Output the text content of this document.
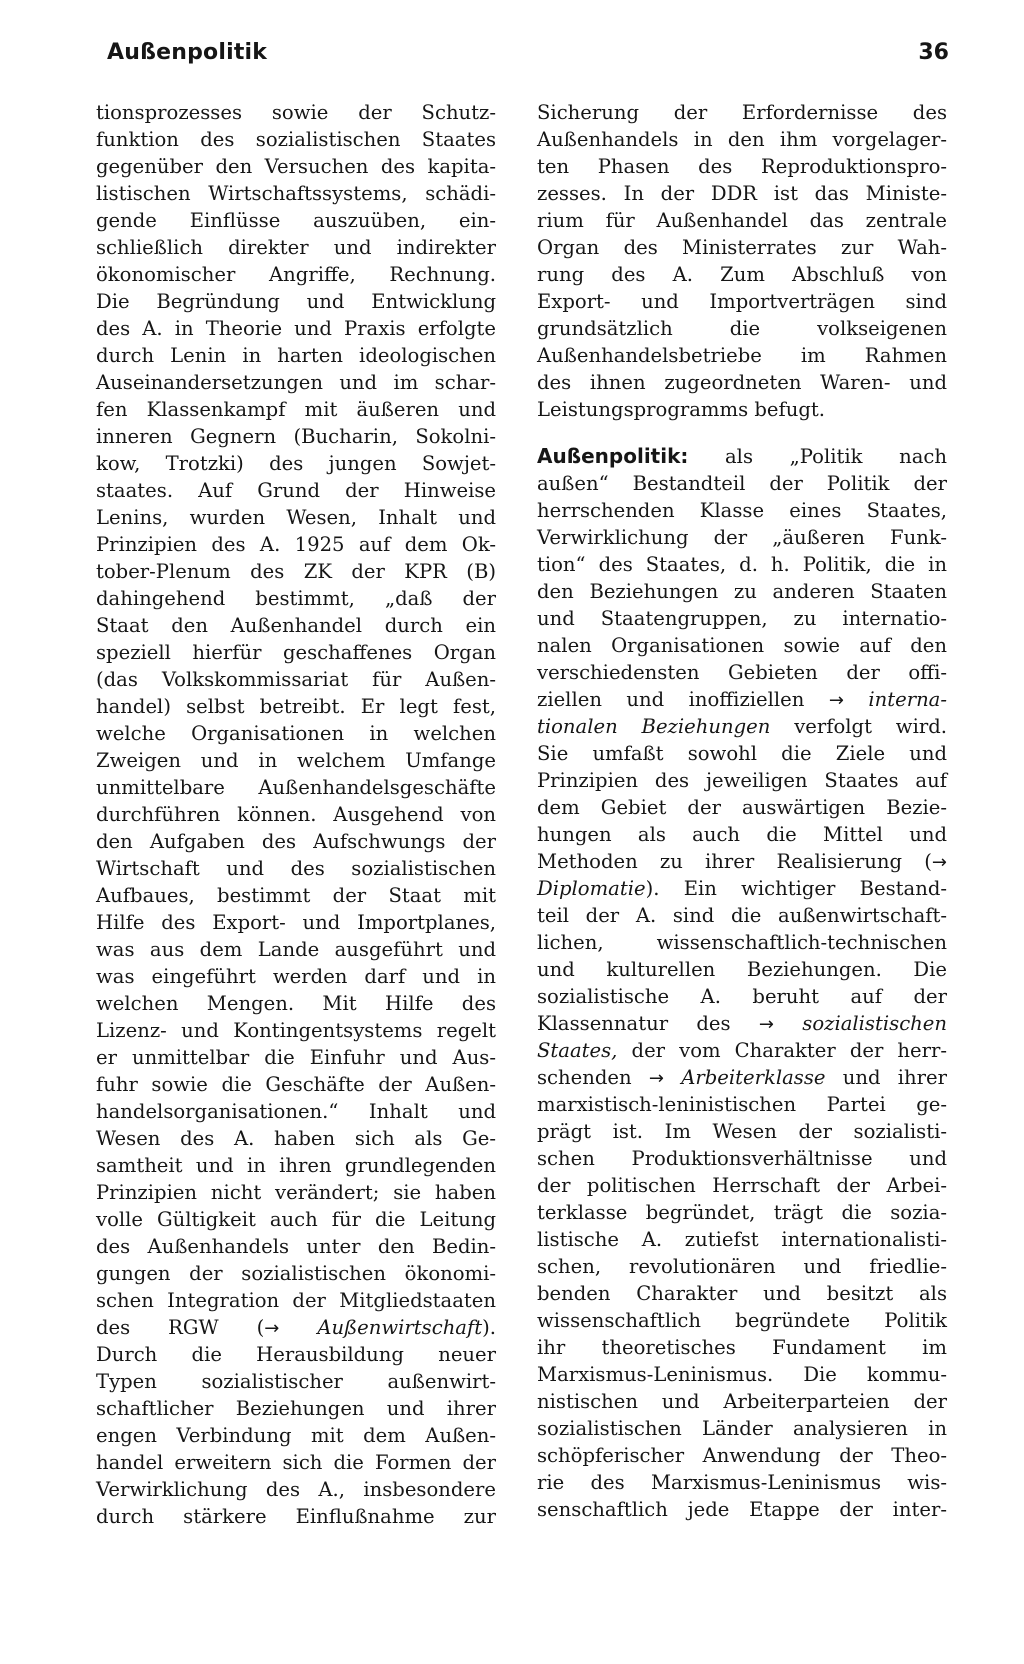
Außenpolitik	36
tionsprozesses sowie der Schutz-
funktion des sozialistischen Staates
gegenüber den Versuchen des kapita-
listischen Wirtschaftssystems, schädi-
gende Einflüsse auszuüben, ein-
schließlich direkter und indirekter
ökonomischer Angriffe, Rechnung.
Die Begründung und Entwicklung
des A. in Theorie und Praxis erfolgte
durch Lenin in harten ideologischen
Auseinandersetzungen und im schar-
fen Klassenkampf mit äußeren und
inneren Gegnern (Bucharin, Sokolni-
kow, Trotzki) des jungen Sowjet-
staates. Auf Grund der Hinweise
Lenins, wurden Wesen, Inhalt und
Prinzipien des A. 1925 auf dem Ok-
tober-Plenum des ZK der KPR (B)
dahingehend bestimmt, „daß der
Staat den Außenhandel durch ein
speziell hierfür geschaffenes Organ
(das Volkskommissariat für Außen-
handel) selbst betreibt. Er legt fest,
welche Organisationen in welchen
Zweigen und in welchem Umfange
unmittelbare Außenhandelsgeschäfte
durchführen können. Ausgehend von
den Aufgaben des Aufschwungs der
Wirtschaft und des sozialistischen
Aufbaues, bestimmt der Staat mit
Hilfe des Export- und Importplanes,
was aus dem Lande ausgeführt und
was eingeführt werden darf und in
welchen Mengen. Mit Hilfe des
Lizenz- und Kontingentsystems regelt
er unmittelbar die Einfuhr und Aus-
fuhr sowie die Geschäfte der Außen-
handelsorganisationen.“ Inhalt und
Wesen des A. haben sich als Ge-
samtheit und in ihren grundlegenden
Prinzipien nicht verändert; sie haben
volle Gültigkeit auch für die Leitung
des Außenhandels unter den Bedin-
gungen der sozialistischen ökonomi-
schen Integration der Mitgliedstaaten
des RGW (→ Außenwirtschaft).
Durch die Herausbildung neuer
Typen sozialistischer außenwirt-
schaftlicher Beziehungen und ihrer
engen Verbindung mit dem Außen-
handel erweitern sich die Formen der
Verwirklichung des A., insbesondere
durch stärkere Einflußnahme zur
Sicherung der Erfordernisse des
Außenhandels in den ihm vorgelager-
ten Phasen des Reproduktionspro-
zesses. In der DDR ist das Ministe-
rium für Außenhandel das zentrale
Organ des Ministerrates zur Wah-
rung des A. Zum Abschluß von
Export- und Importverträgen sind
grundsätzlich die volkseigenen
Außenhandelsbetriebe im Rahmen
des ihnen zugeordneten Waren- und
Leistungsprogramms befugt.
Außenpolitik: als „Politik nach
außen“ Bestandteil der Politik der
herrschenden Klasse eines Staates,
Verwirklichung der „äußeren Funk-
tion“ des Staates, d. h. Politik, die in
den Beziehungen zu anderen Staaten
und Staatengruppen, zu internatio-
nalen Organisationen sowie auf den
verschiedensten Gebieten der offi-
ziellen und inoffiziellen → interna-
tionalen Beziehungen verfolgt wird.
Sie umfaßt sowohl die Ziele und
Prinzipien des jeweiligen Staates auf
dem Gebiet der auswärtigen Bezie-
hungen als auch die Mittel und
Methoden zu ihrer Realisierung (→
Diplomatie). Ein wichtiger Bestand-
teil der A. sind die außenwirtschaft-
lichen, wissenschaftlich-technischen
und kulturellen Beziehungen. Die
sozialistische A. beruht auf der
Klassennatur des → sozialistischen
Staates, der vom Charakter der herr-
schenden → Arbeiterklasse und ihrer
marxistisch-leninistischen Partei ge-
prägt ist. Im Wesen der sozialisti-
schen Produktionsverhältnisse und
der politischen Herrschaft der Arbei-
terklasse begründet, trägt die sozia-
listische A. zutiefst internationalisti-
schen, revolutionären und friedlie-
benden Charakter und besitzt als
wissenschaftlich begründete Politik
ihr theoretisches Fundament im
Marxismus-Leninismus. Die kommu-
nistischen und Arbeiterparteien der
sozialistischen Länder analysieren in
schöpferischer Anwendung der Theo-
rie des Marxismus-Leninismus wis-
senschaftlich jede Etappe der inter-
